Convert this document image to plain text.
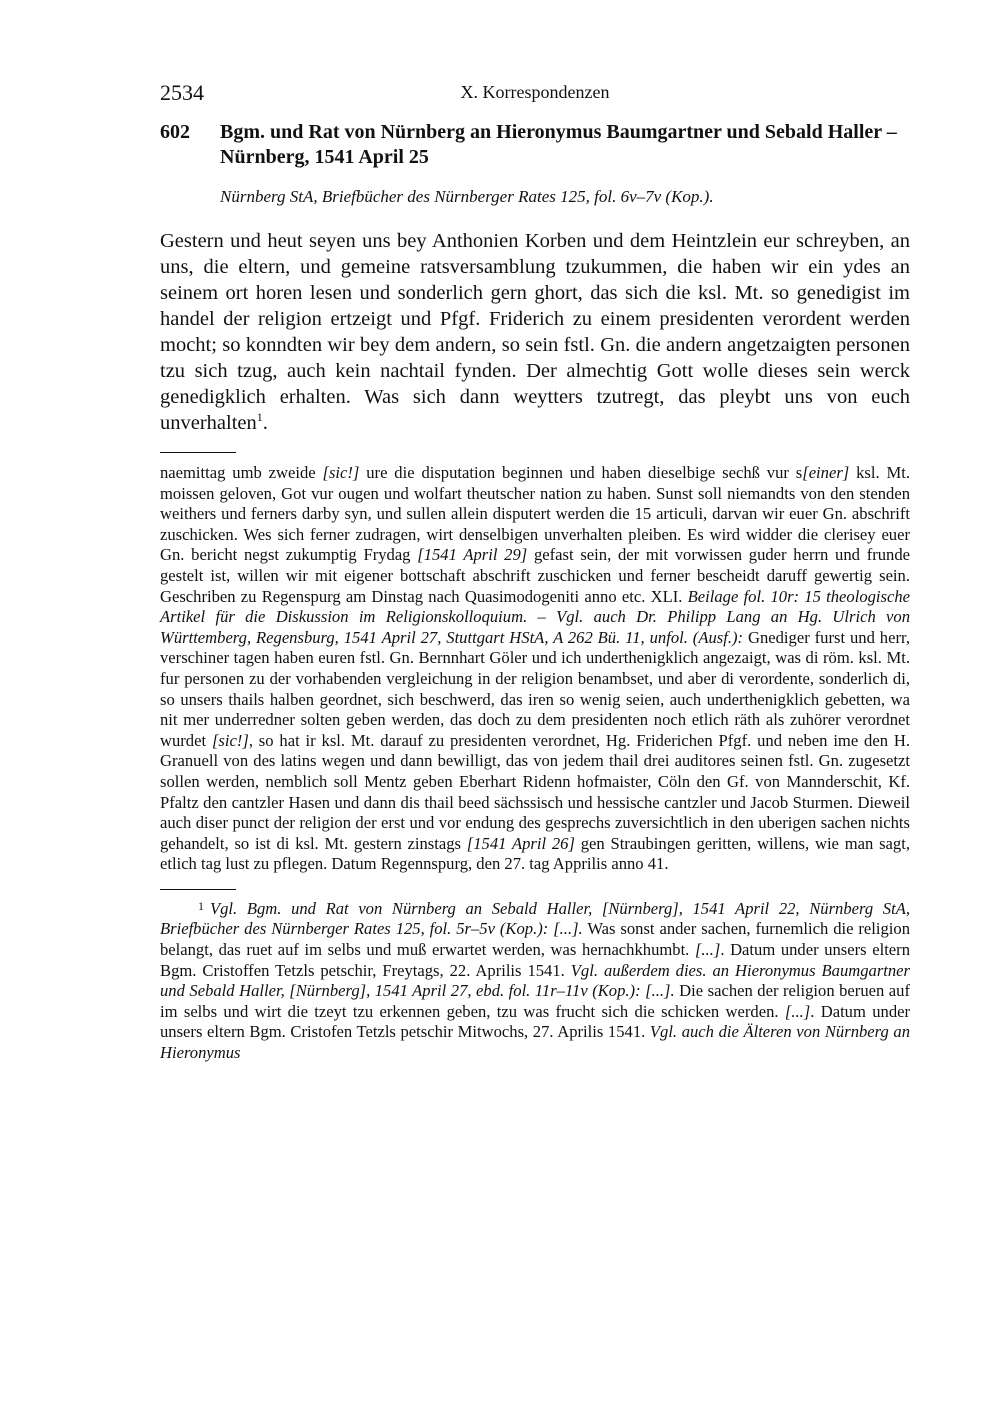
2534	X. Korrespondenzen
602	Bgm. und Rat von Nürnberg an Hieronymus Baumgartner und Sebald Haller – Nürnberg, 1541 April 25
Nürnberg StA, Briefbücher des Nürnberger Rates 125, fol. 6v–7v (Kop.).
Gestern und heut seyen uns bey Anthonien Korben und dem Heintzlein eur schreyben, an uns, die eltern, und gemeine ratsversamblung tzukummen, die haben wir ein ydes an seinem ort horen lesen und sonderlich gern ghort, das sich die ksl. Mt. so genedigist im handel der religion ertzeigt und Pfgf. Friderich zu einem presidenten verordent werden mocht; so konndten wir bey dem andern, so sein fstl. Gn. die andern angetzaigten personen tzu sich tzug, auch kein nachtail fynden. Der almechtig Gott wolle dieses sein werck genedigklich erhalten. Was sich dann weytters tzutregt, das pleybt uns von euch unverhalten$^1$.
naemittag umb zweide [sic!] ure die disputation beginnen und haben dieselbige sechß vur s[einer] ksl. Mt. moissen geloven, Got vur ougen und wolfart theutscher nation zu haben. Sunst soll niemandts von den stenden weithers und ferners darby syn, und sullen allein disputert werden die 15 articuli, darvan wir euer Gn. abschrift zuschicken. Wes sich ferner zudragen, wirt denselbigen unverhalten pleiben. Es wird widder die clerisey euer Gn. bericht negst zukumptig Frydag [1541 April 29] gefast sein, der mit vorwissen guder herrn und frunde gestelt ist, willen wir mit eigener bottschaft abschrift zuschicken und ferner bescheidt daruff gewertig sein. Geschriben zu Regenspurg am Dinstag nach Quasimodogeniti anno etc. XLI. Beilage fol. 10r: 15 theologische Artikel für die Diskussion im Religionskolloquium. – Vgl. auch Dr. Philipp Lang an Hg. Ulrich von Württemberg, Regensburg, 1541 April 27, Stuttgart HStA, A 262 Bü. 11, unfol. (Ausf.): Gnediger furst und herr, verschiner tagen haben euren fstl. Gn. Bernnhart Göler und ich underthenigklich angezaigt, was di röm. ksl. Mt. fur personen zu der vorhabenden vergleichung in der religion benambset, und aber di verordente, sonderlich di, so unsers thails halben geordnet, sich beschwerd, das iren so wenig seien, auch underthenigklich gebetten, wa nit mer underredner solten geben werden, das doch zu dem presidenten noch etlich räth als zuhörer verordnet wurdet [sic!], so hat ir ksl. Mt. darauf zu presidenten verordnet, Hg. Friderichen Pfgf. und neben ime den H. Granuell von des latins wegen und dann bewilligt, das von jedem thail drei auditores seinen fstl. Gn. zugesetzt sollen werden, nemblich soll Mentz geben Eberhart Ridenn hofmaister, Cöln den Gf. von Mannderschit, Kf. Pfaltz den cantzler Hasen und dann dis thail beed sächssisch und hessische cantzler und Jacob Sturmen. Dieweil auch diser punct der religion der erst und vor endung des gesprechs zuversichtlich in den uberigen sachen nichts gehandelt, so ist di ksl. Mt. gestern zinstags [1541 April 26] gen Straubingen geritten, willens, wie man sagt, etlich tag lust zu pflegen. Datum Regennspurg, den 27. tag Apprilis anno 41.
1 Vgl. Bgm. und Rat von Nürnberg an Sebald Haller, [Nürnberg], 1541 April 22, Nürnberg StA, Briefbücher des Nürnberger Rates 125, fol. 5r–5v (Kop.): [...]. Was sonst ander sachen, furnemlich die religion belangt, das ruet auf im selbs und muß erwartet werden, was hernachkhumbt. [...]. Datum under unsers eltern Bgm. Cristoffen Tetzls petschir, Freytags, 22. Aprilis 1541. Vgl. außerdem dies. an Hieronymus Baumgartner und Sebald Haller, [Nürnberg], 1541 April 27, ebd. fol. 11r–11v (Kop.): [...]. Die sachen der religion beruen auf im selbs und wirt die tzeyt tzu erkennen geben, tzu was frucht sich die schicken werden. [...]. Datum under unsers eltern Bgm. Cristofen Tetzls petschir Mitwochs, 27. Aprilis 1541. Vgl. auch die Älteren von Nürnberg an Hieronymus
